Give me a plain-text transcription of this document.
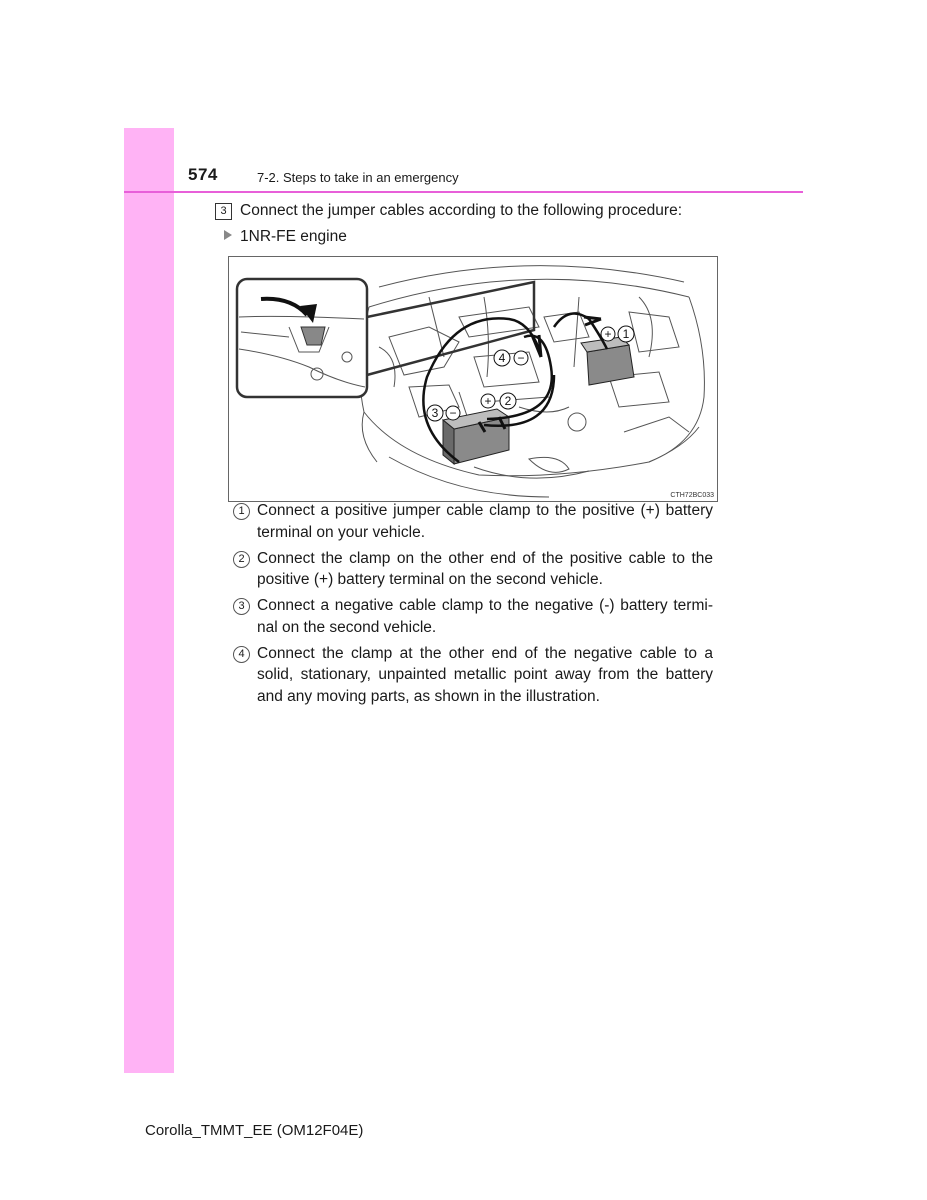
574	7-2. Steps to take in an emergency
3 Connect the jumper cables according to the following procedure:
1NR-FE engine
1
+
2
+
3 −
4 −
CTH72BC033
1 Connect a positive jumper cable clamp to the positive (+) battery terminal on your vehicle.
2 Connect the clamp on the other end of the positive cable to the positive (+) battery terminal on the second vehicle.
3 Connect a negative cable clamp to the negative (-) battery termi-nal on the second vehicle.
4 Connect the clamp at the other end of the negative cable to a solid, stationary, unpainted metallic point away from the battery and any moving parts, as shown in the illustration.
Corolla_TMMT_EE (OM12F04E)
